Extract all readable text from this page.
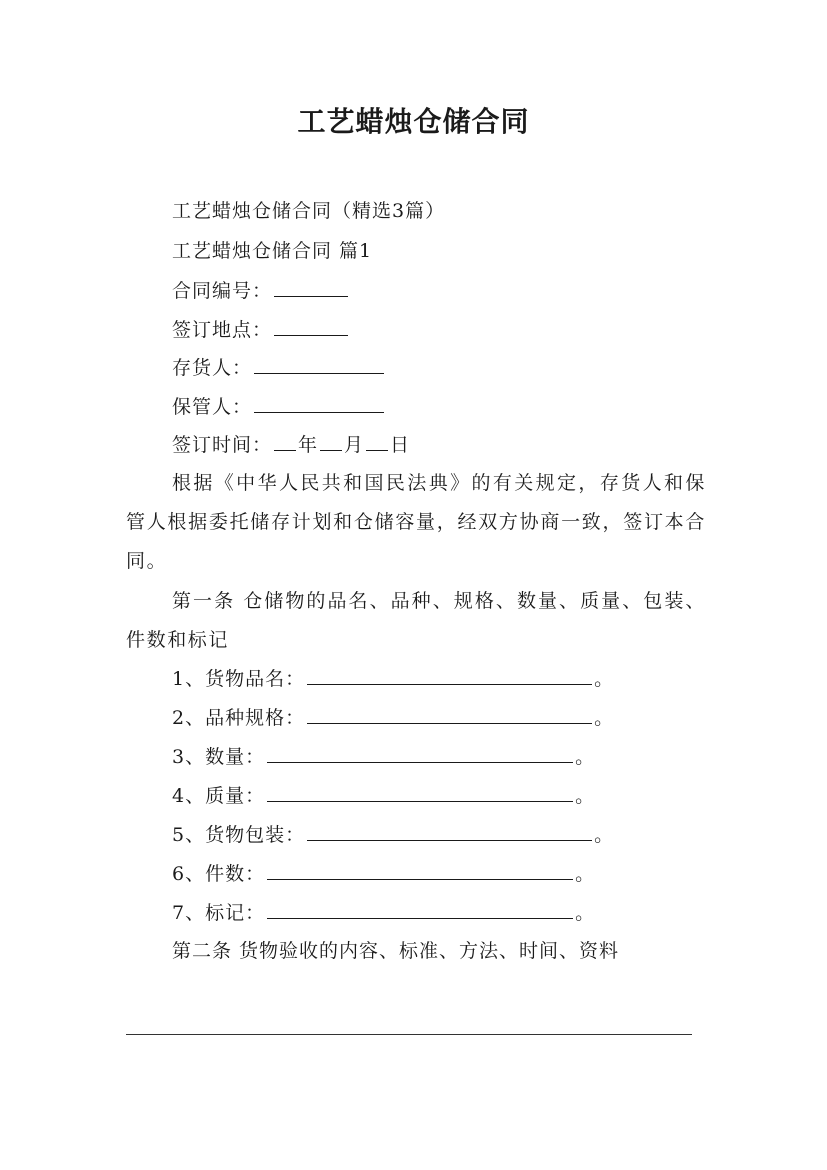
工艺蜡烛仓储合同
工艺蜡烛仓储合同（精选3篇）
工艺蜡烛仓储合同 篇1
合同编号：
签订地点：
存货人：
保管人：
签订时间： 年 月 日
根据《中华人民共和国民法典》的有关规定，存货人和保管人根据委托储存计划和仓储容量，经双方协商一致，签订本合同。
第一条 仓储物的品名、品种、规格、数量、质量、包装、件数和标记
1、货物品名：	。
2、品种规格：	。
3、数量：	。
4、质量：	。
5、货物包装：	。
6、件数：	。
7、标记：	。
第二条 货物验收的内容、标准、方法、时间、资料
